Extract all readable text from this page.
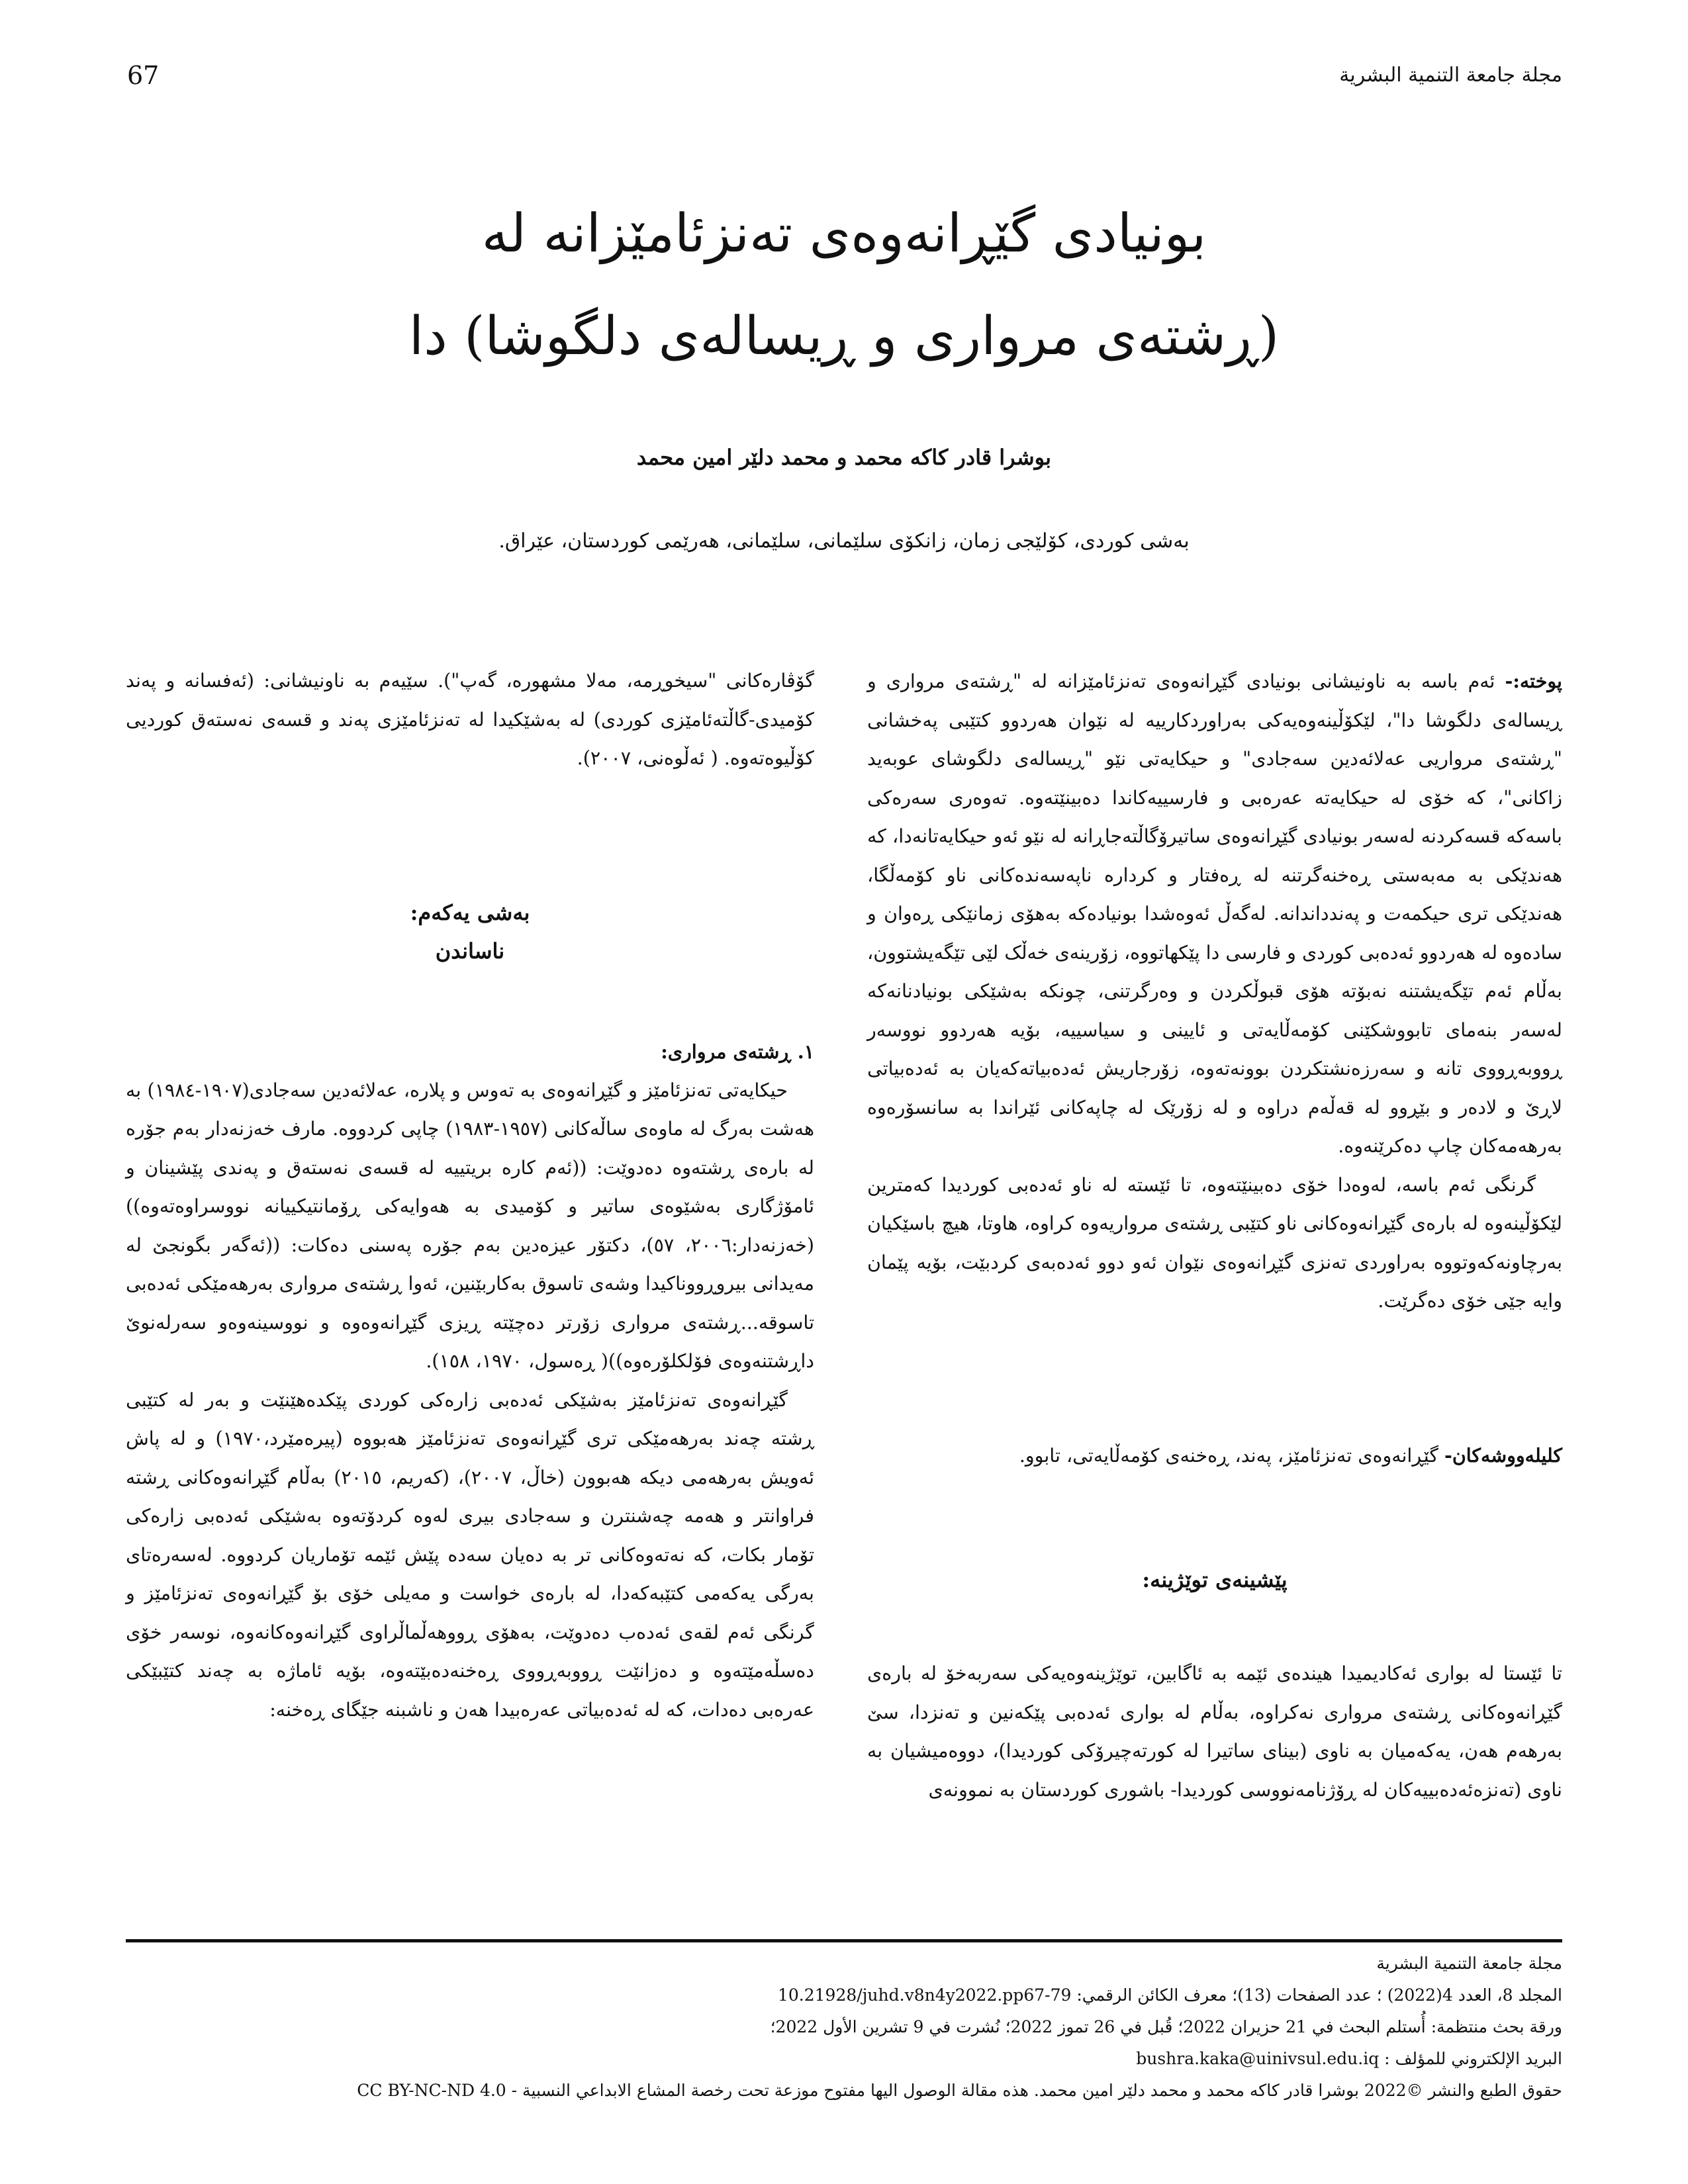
67	مجلة جامعة التنمية البشرية
بونیادی گێڕانەوەی تەنزئامێزانە لە
(ڕشتەی مرواری و ڕیسالەی دلگوشا) دا
بوشرا قادر کاکە محمد و محمد دلێر امین محمد
بەشی کوردی، کۆلێجی زمان، زانکۆی سلێمانی، سلێمانی، هەرێمی کوردستان، عێراق.

پوختە:- ئەم باسە بە ناونیشانی بونیادی گێڕانەوەی تەنزئامێزانە لە "ڕشتەی مرواری و ڕیسالەی دلگوشا دا"، لێکۆڵینەوەیەکی بەراوردکارییە لە نێوان هەردوو کتێبی پەخشانی "ڕشتەی مرواریی عەلائەدین سەجادی" و حیکایەتی نێو "ڕیسالەی دلگوشای عوبەید زاکانی"، کە خۆی لە حیکایەتە عەرەبی و فارسییەکاندا دەبینێتەوە. تەوەری سەرەکی باسەکە قسەکردنە لەسەر بونیادی گێڕانەوەی ساتیرۆگاڵتەجاڕانە لە نێو ئەو حیکایەتانەدا، کە هەندێکی بە مەبەستی ڕەخنەگرتنە لە ڕەفتار و کردارە ناپەسەندەکانی ناو کۆمەڵگا، هەندێکی تری حیکمەت و پەندداندانە. لەگەڵ ئەوەشدا بونیادەکە بەهۆی زمانێکی ڕەوان و سادەوە لە هەردوو ئەدەبی کوردی و فارسی دا پێکهاتووە، زۆرینەی خەڵک لێی تێگەیشتوون، بەڵام ئەم تێگەیشتنە نەبۆتە هۆی قبوڵکردن و وەرگرتنی، چونکە بەشێکی بونیادنانەکە لەسەر بنەمای تابووشکێنی کۆمەڵایەتی و ئایینی و سیاسییە، بۆیە هەردوو نووسەر ڕووبەڕووی تانە و سەرزەنشتکردن بوونەتەوە، زۆرجاریش ئەدەبیاتەکەیان بە ئەدەبیاتی لاڕێ و لادەر و بێڕوو لە قەڵەم دراوە و لە زۆرێک لە چاپەکانی ئێراندا بە سانسۆرەوە بەرهەمەکان چاپ دەکرێنەوە.

گرنگی ئەم باسە، لەوەدا خۆی دەبینێتەوە، تا ئێستە لە ناو ئەدەبی کوردیدا کەمترین لێکۆڵینەوە لە بارەی گێڕانەوەکانی ناو کتێبی ڕشتەی مرواریەوە کراوە، هاوتا، هیچ باسێکیان بەرچاونەکەوتووە بەراوردی تەنزی گێڕانەوەی نێوان ئەو دوو ئەدەبەی کردبێت، بۆیە پێمان وایە جێی خۆی دەگرێت.

کلیلەووشەکان- گێڕانەوەی تەنزئامێز، پەند، ڕەخنەی کۆمەڵایەتی، تابوو.

پێشینەی توێژینە:

تا ئێستا لە بواری ئەکادیمیدا هیندەی ئێمە بە ئاگابین، توێژینەوەیەکی سەربەخۆ لە بارەی گێڕانەوەکانی ڕشتەی مرواری نەکراوە، بەڵام لە بواری ئەدەبی پێکەنین و تەنزدا، سێ بەرهەم هەن، یەکەمیان بە ناوی (بیناى ساتیرا لە کورتەچیرۆکی کوردیدا)، دووەمیشیان بە ناوی (تەنزەئەدەبییەکان لە ڕۆژنامەنووسی کوردیدا- باشوری کوردستان بە نموونەی

گۆڤارەکانی "سیخوڕمە، مەلا مشهورە، گەپ"). سێیەم بە ناونیشانی: (ئەفسانە و پەند کۆمیدی-گاڵتەئامێزی کوردی) لە بەشێکیدا لە تەنزئامێزی پەند و قسەی نەستەق کوردیی کۆڵیوەتەوە. ( ئەڵوەنی، ٢٠٠٧).

بەشی یەکەم:
ناساندن

١. ڕشتەی مرواری:

حیکایەتی تەنزئامێز و گێڕانەوەی بە تەوس و پلارە، عەلائەدین سەجادی(١٩٠٧-١٩٨٤) بە هەشت بەرگ لە ماوەی ساڵەکانی (١٩٥٧-١٩٨٣) چاپی کردووە. مارف خەزنەدار بەم جۆرە لە بارەی ڕشتەوە دەدوێت: ((ئەم کارە بریتییە لە قسەی نەستەق و پەندی پێشینان و ئامۆژگاری بەشێوەی ساتیر و کۆمیدی بە هەوایەکی ڕۆمانتیکییانە نووسراوەتەوە))(خەزنەدار:٢٠٠٦، ٥٧)، دکتۆر عیزەدین بەم جۆرە پەسنی دەکات: ((ئەگەر بگونجێ لە مەیدانی بیروڕووناکیدا وشەی تاسوق بەکاربێنین، ئەوا ڕشتەی مرواری بەرهەمێکی ئەدەبی تاسوقە...ڕشتەی مرواری زۆرتر دەچێتە ڕیزی گێڕانەوەوە و نووسینەوەو سەرلەنوێ داڕشتنەوەی فۆلکلۆرەوە))( ڕەسول، ١٩٧٠، ١٥٨).

گێڕانەوەی تەنزئامێز بەشێکی ئەدەبی زارەکی کوردی پێکدەهێنێت و بەر لە کتێبی ڕشتە چەند بەرهەمێکی تری گێڕانەوەی تەنزئامێز هەبووە (پیرەمێرد،١٩٧٠) و لە پاش ئەویش بەرهەمی دیکە هەبوون (خاڵ، ٢٠٠٧)، (کەریم، ٢٠١٥) بەڵام گێڕانەوەکانی ڕشتە فراوانتر و هەمە چەشنترن و سەجادی بیری لەوە کردۆتەوە بەشێکی ئەدەبی زارەکی تۆمار بکات، کە نەتەوەکانی تر بە دەیان سەدە پێش ئێمە تۆماریان کردووە. لەسەرەتای بەرگی یەکەمی کتێبەکەدا، لە بارەی خواست و مەیلی خۆی بۆ گێڕانەوەی تەنزئامێز و گرنگی ئەم لقەی ئەدەب دەدوێت، بەهۆی ڕووهەڵماڵراوی گێڕانەوەکانەوە، نوسەر خۆی دەسڵەمێتەوە و دەزانێت ڕووبەڕووی ڕەخنەدەبێتەوە، بۆیە ئاماژە بە چەند کتێبێکی عەرەبی دەدات، کە لە ئەدەبیاتی عەرەبیدا هەن و ناشبنە جێگای ڕەخنە:

مجلة جامعة التنمية البشرية
المجلد 8، العدد 4(2022) ؛ عدد الصفحات (13)؛ معرف الكائن الرقمي: 10.21928/juhd.v8n4y2022.pp67-79
ورقة بحث منتظمة: أُستلم البحث في 21 حزيران 2022؛ قُبل في 26 تموز 2022؛ نُشرت في 9 تشرين الأول 2022؛
البريد الإلكتروني للمؤلف : bushra.kaka@uinivsul.edu.iq
حقوق الطبع والنشر ©2022 بوشرا قادر كاكه محمد و محمد دلێر امين محمد. هذه مقالة الوصول اليها مفتوح موزعة تحت رخصة المشاع الابداعي النسبية - CC BY-NC-ND 4.0
